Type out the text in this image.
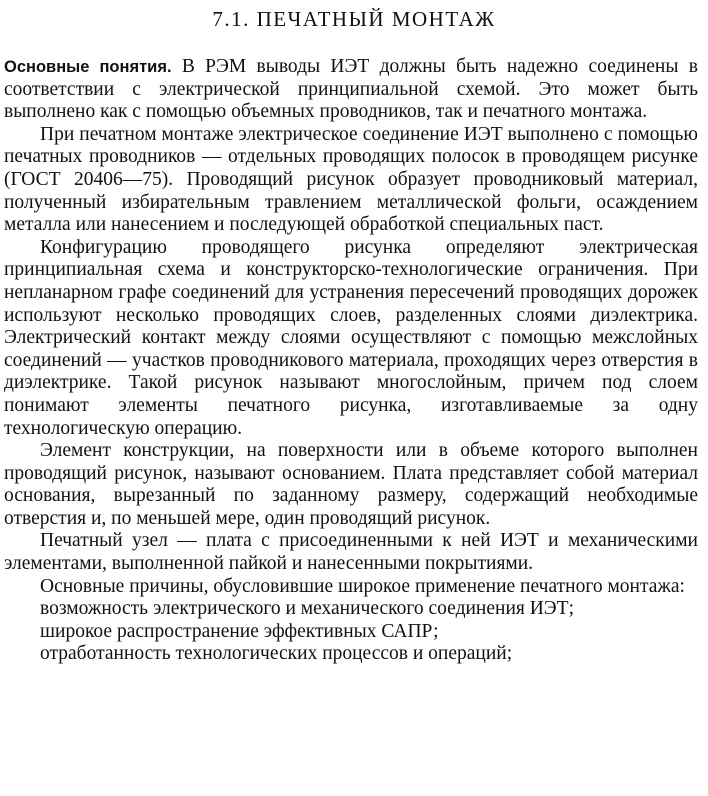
7.1. ПЕЧАТНЫЙ МОНТАЖ

Основные понятия. В РЭМ выводы ИЭТ должны быть надежно соединены в соответствии с электрической принципиальной схемой. Это может быть выполнено как с помощью объемных проводников, так и печатного монтажа.

При печатном монтаже электрическое соединение ИЭТ выполнено с помощью печатных проводников — отдельных проводящих полосок в проводящем рисунке (ГОСТ 20406—75). Проводящий рисунок образует проводниковый материал, полученный избирательным травлением металлической фольги, осаждением металла или нанесением и последующей обработкой специальных паст.

Конфигурацию проводящего рисунка определяют электрическая принципиальная схема и конструкторско-технологические ограничения. При непланарном графе соединений для устранения пересечений проводящих дорожек используют несколько проводящих слоев, разделенных слоями диэлектрика. Электрический контакт между слоями осуществляют с помощью межслойных соединений — участков проводникового материала, проходящих через отверстия в диэлектрике. Такой рисунок называют многослойным, причем под слоем понимают элементы печатного рисунка, изготавливаемые за одну технологическую операцию.

Элемент конструкции, на поверхности или в объеме которого выполнен проводящий рисунок, называют основанием. Плата представляет собой материал основания, вырезанный по заданному размеру, содержащий необходимые отверстия и, по меньшей мере, один проводящий рисунок.

Печатный узел — плата с присоединенными к ней ИЭТ и механическими элементами, выполненной пайкой и нанесенными покрытиями.

Основные причины, обусловившие широкое применение печатного монтажа:

возможность электрического и механического соединения ИЭТ;
широкое распространение эффективных САПР;
отработанность технологических процессов и операций;
